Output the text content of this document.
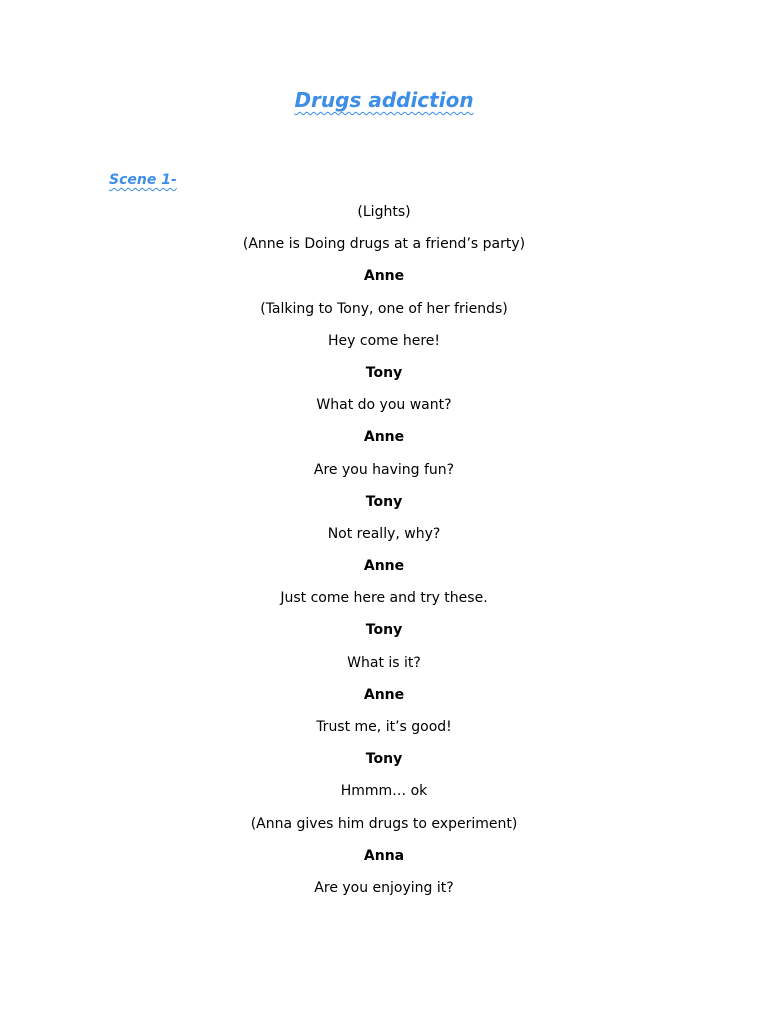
Drugs addiction
Scene 1-
(Lights)
(Anne is Doing drugs at a friend’s party)
Anne
(Talking to Tony, one of her friends)
Hey come here!
Tony
What do you want?
Anne
Are you having fun?
Tony
Not really, why?
Anne
Just come here and try these.
Tony
What is it?
Anne
Trust me, it’s good!
Tony
Hmmm… ok
(Anna gives him drugs to experiment)
Anna
Are you enjoying it?
